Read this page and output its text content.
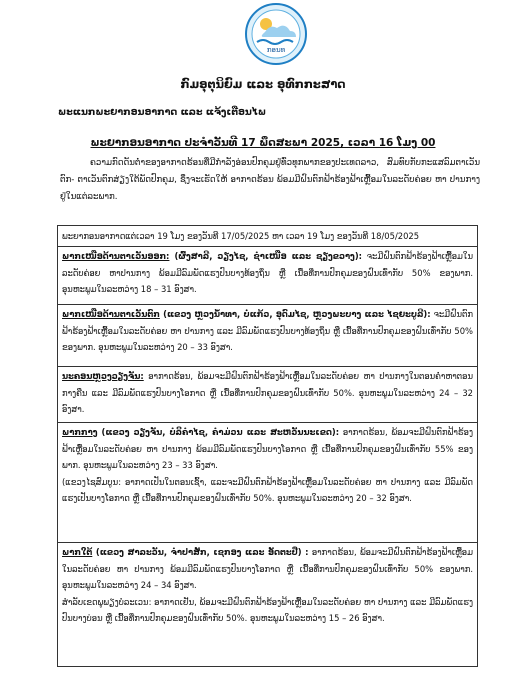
ກອນທ
ກົມອຸຕຸນິຍົມ ແລະ ອຸທົກກະສາດ
ພະແນກພະຍາກອນອາກາດ ແລະ ແຈ້ງເຕືອນໄພ
ພະຍາກອນອາກາດ ປະຈຳວັນທີ 17 ພຶດສະພາ 2025, ເວລາ 16 ໂມງ 00
ຄວາມກົດດັນຕ່ຳຂອງອາກາດຮ້ອນທີ່ມີກຳລັງອ່ອນປົກຄຸມຢູ່ທົ່ວທຸກພາກຂອງປະເທດລາວ, ສົມທົບກັບກະແສລົມຕາເວັນຕົກ- ຕາເວັນຕົກສ່ຽງໃຕ້ພັດປົກຄຸມ, ຊຶ່ງຈະເຮັດໃຫ້ ອາກາດຮ້ອນ ພ້ອມມີຝົນຕົກຟ້າຮ້ອງຟ້າເຫຼື້ອມໃນລະດັບຄ່ອຍ ຫາ ປານກາງຢູ່ໃນແຕ່ລະພາກ.
ພະຍາກອນອາກາດແຕ່ເວລາ 19 ໂມງ ຂອງວັນທີ 17/05/2025 ຫາ ເວລາ 19 ໂມງ ຂອງວັນທີ 18/05/2025
ພາກເໜືອດ້ານຕາເວັນອອກ: (ຜົ້ງສາລີ, ວຽງໄຊ, ຊຳເໜືອ ແລະ ຊຽງຂວາງ): ຈະມີຝົນຕົກຟ້າຮ້ອງຟ້າເຫຼື້ອມໃນລະດັບຄ່ອຍ ຫາປານກາງ ພ້ອມມີລົມພັດແຮງປົນບາງທ້ອງຖິ່ນ ຫຼື ເນື້ອທີ່ການປົກຄຸມຂອງຝົນເທົ່າກັບ 50% ຂອງພາກ. ອຸນຫະພູມໃນລະຫວ່າງ 18 – 31 ອົງສາ.
ພາກເໜືອດ້ານຕາເວັນຕົກ (ແຂວງ ຫຼວງນ້ຳທາ, ບໍ່ແກ້ວ, ອຸດົມໄຊ, ຫຼວງພະບາງ ແລະ ໄຊຍະບູລີ): ຈະມີຝົນຕົກຟ້າຮ້ອງຟ້າເຫຼື້ອມໃນລະດັບຄ່ອຍ ຫາ ປານກາງ ແລະ ມີລົມພັດແຮງປົນບາງທ້ອງຖິ່ນ ຫຼື ເນື້ອທີ່ການປົກຄຸມຂອງຝົນເທົ່າກັບ 50% ຂອງພາກ. ອຸນຫະພູມໃນລະຫວ່າງ 20 – 33 ອົງສາ.
ນະຄອນຫຼວງວຽງຈັນ: ອາກາດຮ້ອນ, ພ້ອມຈະມີຝົນຕົກຟ້າຮ້ອງຟ້າເຫຼື້ອມໃນລະດັບຄ່ອຍ ຫາ ປານກາງໃນຕອນຄ່ຳຫາຕອນກາງຄືນ ແລະ ມີລົມພັດແຮງປົນບາງໂອກາດ ຫຼື ເນື້ອທີ່ການປົກຄຸມຂອງຝົນເທົ່າກັບ 50%. ອຸນຫະພູມໃນລະຫວ່າງ 24 – 32 ອົງສາ.
ພາກກາງ (ແຂວງ ວຽງຈັນ, ບໍລິຄຳໄຊ, ຄຳມ່ວນ ແລະ ສະຫວັນນະເຂດ): ອາກາດຮ້ອນ, ພ້ອມຈະມີຝົນຕົກຟ້າຮ້ອງຟ້າເຫຼື້ອມໃນລະດັບຄ່ອຍ ຫາ ປານກາງ ພ້ອມມີລົມພັດແຮງປົນບາງໂອກາດ ຫຼື ເນື້ອທີ່ການປົກຄຸມຂອງຝົນເທົ່າກັບ 55% ຂອງພາກ. ອຸນຫະພູມໃນລະຫວ່າງ 23 – 33 ອົງສາ.
(ແຂວງໄຊສົມບູນ: ອາກາດເປັນໃນຕອນເຊົ້າ, ແລະຈະມີຝົນຕົກຟ້າຮ້ອງຟ້າເຫຼື້ອມໃນລະດັບຄ່ອຍ ຫາ ປານກາງ ແລະ ມີລົມພັດແຮງເປັນບາງໂອກາດ ຫຼື ເນື້ອທີ່ການປົກຄຸມຂອງຝົນເທົ່າກັບ 50%. ອຸນຫະພູມໃນລະຫວ່າງ 20 – 32 ອົງສາ.
ພາກໃຕ້ (ແຂວງ ສາລະວັນ, ຈຳປາສັກ, ເຊກອງ ແລະ ອັດຕະປື) : ອາກາດຮ້ອນ, ພ້ອມຈະມີຝົນຕົກຟ້າຮ້ອງຟ້າເຫຼື້ອມໃນລະດັບຄ່ອຍ ຫາ ປານກາງ ພ້ອມມີລົມພັດແຮງປົນບາງໂອກາດ ຫຼື ເນື້ອທີ່ການປົກຄຸມຂອງຝົນເທົ່າກັບ 50% ຂອງພາກ. ອຸນຫະພູມໃນລະຫວ່າງ 24 – 34 ອົງສາ.
ສຳລັບເຂດພູພຽງບໍລະເວນ: ອາກາດເຢັນ, ພ້ອມຈະມີຝົນຕົກຟ້າຮ້ອງຟ້າເຫຼື້ອມໃນລະດັບຄ່ອຍ ຫາ ປານກາງ ແລະ ມີລົມພັດແຮງປົນບາງບ່ອນ ຫຼື ເນື້ອທີ່ການປົກຄຸມຂອງຝົນເທົ່າກັບ 50%. ອຸນຫະພູມໃນລະຫວ່າງ 15 – 26 ອົງສາ.
